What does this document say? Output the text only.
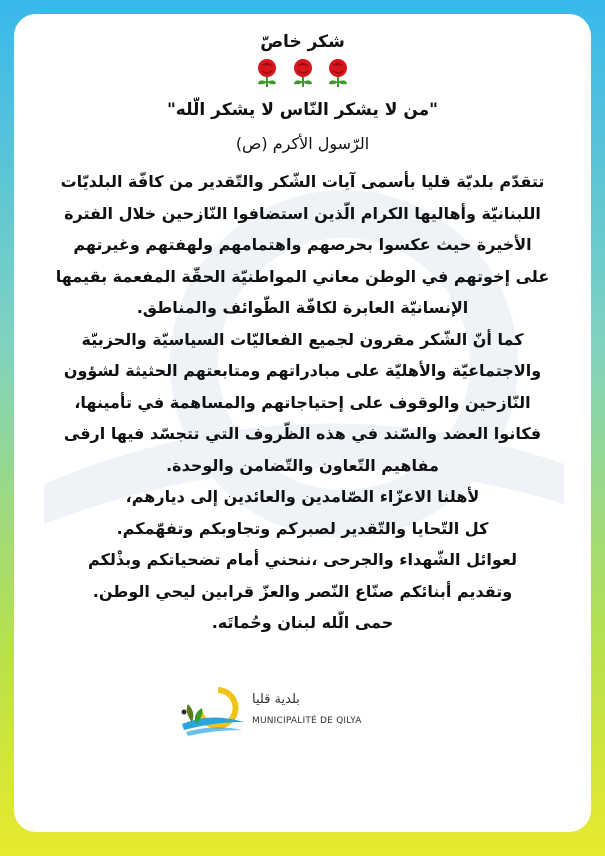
شكر خاصّ

"من لا يشكر النّاس لا يشكر الّله"
الرّسول الأكرم (ص)
تتقدّم بلديّة قليا بأسمى آيات الشّكر والتّقدير من كافّة البلديّات
اللبنانيّة وأهاليها الكرام الّذين استضافوا النّازحين خلال الفترة
الأخيرة حيث عكسوا بحرصهم واهتمامهم ولهفتهم وغيرتهم
على إخوتهم في الوطن معاني المواطنيّة الحقّة المفعمة بقيمها
الإنسانيّة العابرة لكافّة الطّوائف والمناطق.
كما أنّ الشّكر مقرون لجميع الفعاليّات السياسيّة والحزبيّة
والاجتماعيّة والأهليّة على مبادراتهم ومتابعتهم الحثيثة لشؤون
النّازحين والوقوف على إحتياجاتهم والمساهمة في تأمينها،
فكانوا العضد والسّند في هذه الظّروف التي تتجسّد فيها ارقى
مفاهيم التّعاون والتّضامن والوحدة.
لأهلنا الاعزّاء الصّامدين والعائدين إلى ديارهم،
كل التّحايا والتّقدير لصبركم وتجاوبكم وتفهّمكم.
لعوائل الشّهداء والجرحى ،ننحني أمام تضحياتكم وبذْلكم
وتقديم أبنائكم صنّاع النّصر والعزّ قرابين ليحي الوطن.
حمى الّله لبنان وحُماتَه.
بلدية قليا
MUNICIPALITÉ DE QILYA
